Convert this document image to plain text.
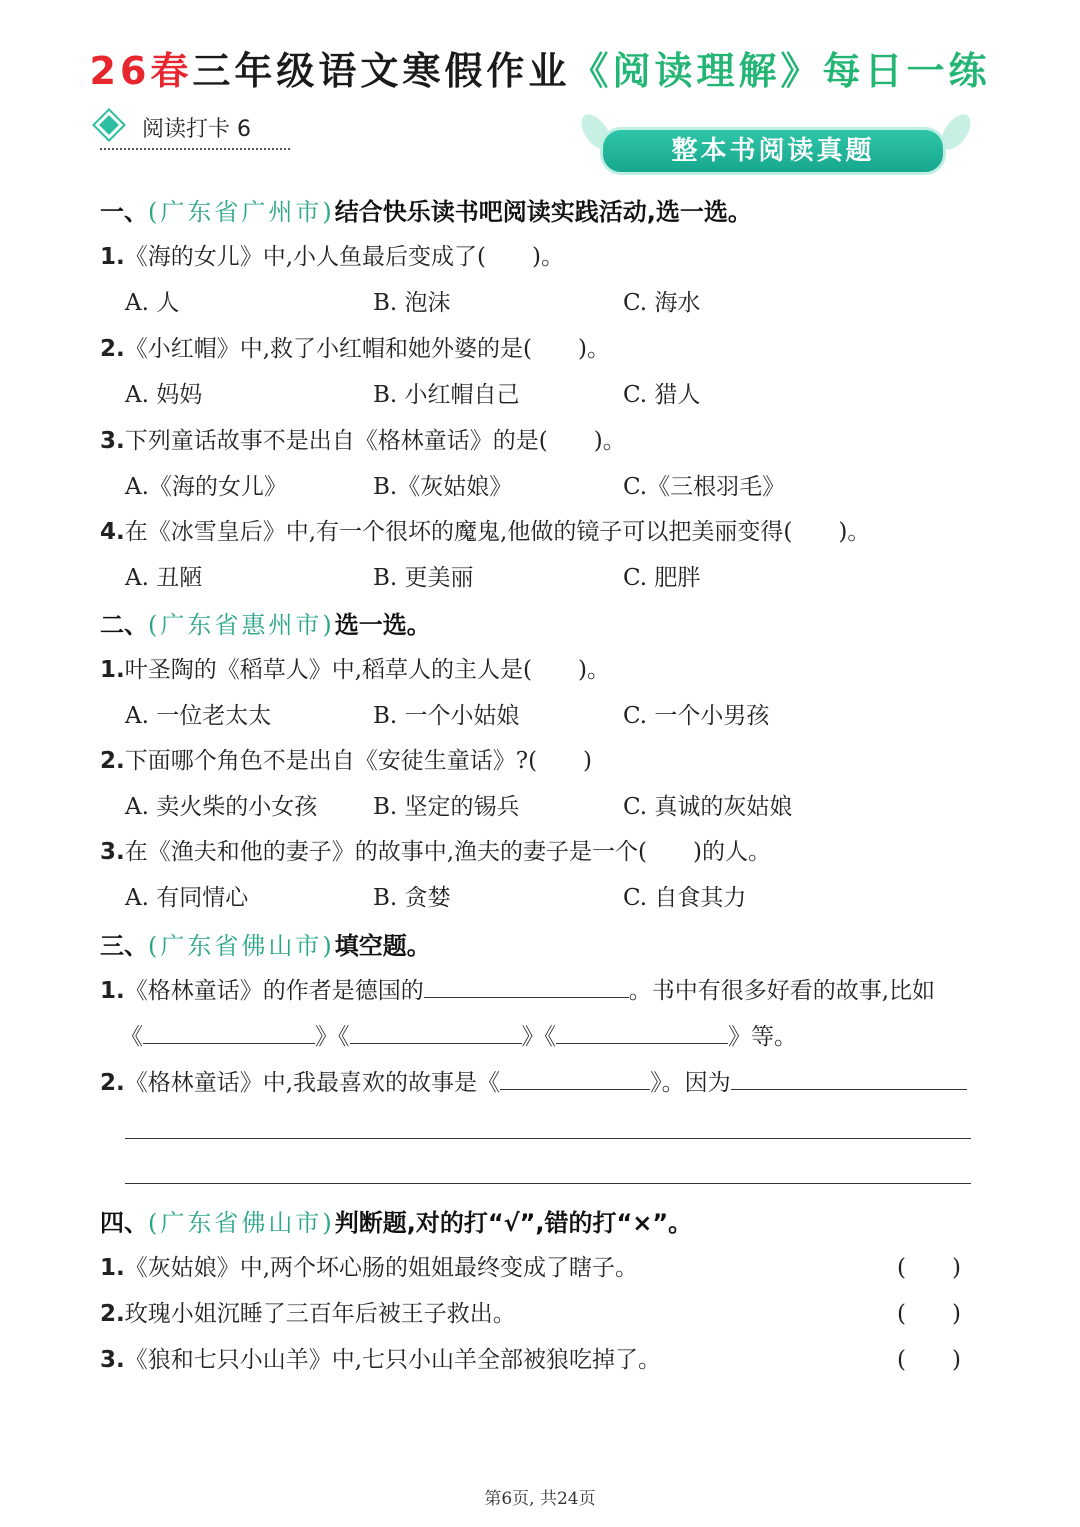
26春三年级语文寒假作业《阅读理解》每日一练
阅读打卡 6
整本书阅读真题
一、(广东省广州市)结合快乐读书吧阅读实践活动,选一选。
1.《海的女儿》中,小人鱼最后变成了(　　)。
A. 人	B. 泡沫	C. 海水
2.《小红帽》中,救了小红帽和她外婆的是(　　)。
A. 妈妈	B. 小红帽自己	C. 猎人
3.下列童话故事不是出自《格林童话》的是(　　)。
A.《海的女儿》	B.《灰姑娘》	C.《三根羽毛》
4.在《冰雪皇后》中,有一个很坏的魔鬼,他做的镜子可以把美丽变得(　　)。
A. 丑陋	B. 更美丽	C. 肥胖
二、(广东省惠州市)选一选。
1.叶圣陶的《稻草人》中,稻草人的主人是(　　)。
A. 一位老太太	B. 一个小姑娘	C. 一个小男孩
2.下面哪个角色不是出自《安徒生童话》?(　　)
A. 卖火柴的小女孩 B. 坚定的锡兵	C. 真诚的灰姑娘
3.在《渔夫和他的妻子》的故事中,渔夫的妻子是一个(　　)的人。
A. 有同情心	B. 贪婪	C. 自食其力
三、(广东省佛山市)填空题。
1.《格林童话》的作者是德国的	。书中有很多好看的故事,比如
《	》《	》《	》等。
2.《格林童话》中,我最喜欢的故事是《	》。因为
四、(广东省佛山市)判断题,对的打“√”,错的打“×”。
1.《灰姑娘》中,两个坏心肠的姐姐最终变成了瞎子。	(　　)
2.玫瑰小姐沉睡了三百年后被王子救出。	(　　)
3.《狼和七只小山羊》中,七只小山羊全部被狼吃掉了。	(　　)
第6页, 共24页
